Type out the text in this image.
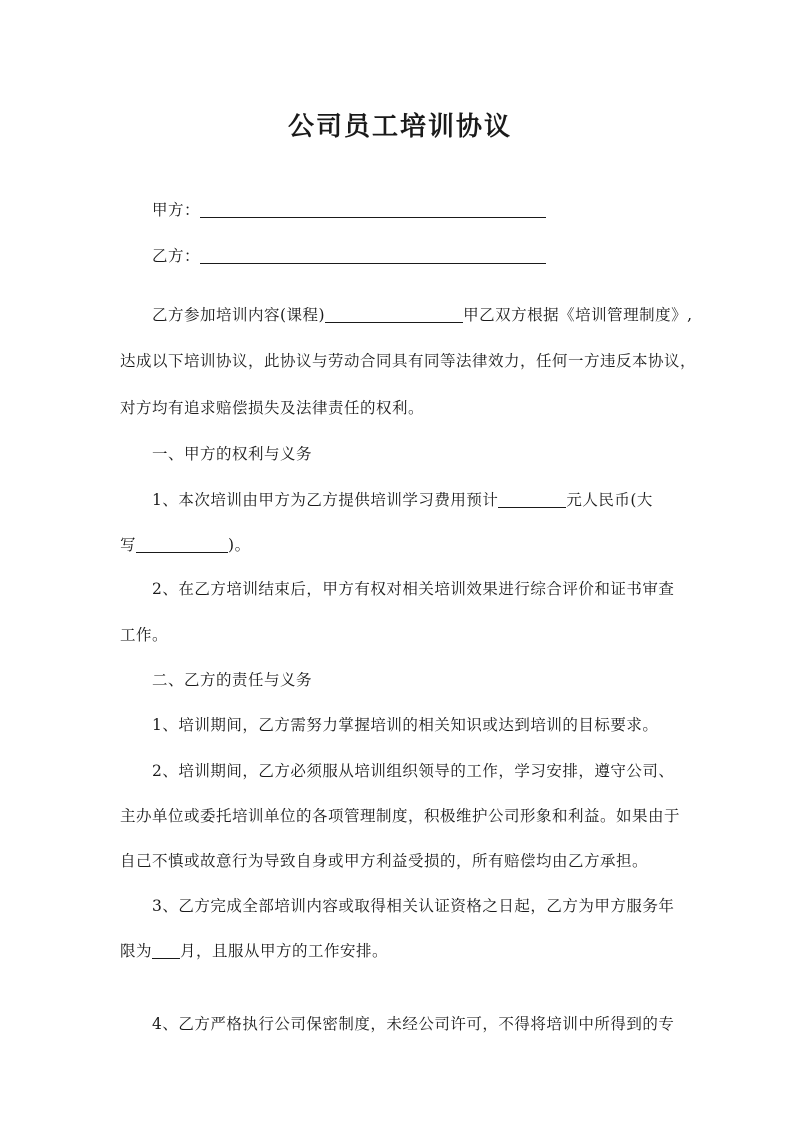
公司员工培训协议
甲方：
乙方：
乙方参加培训内容(课程)	甲乙双方根据《培训管理制度》,
达成以下培训协议，此协议与劳动合同具有同等法律效力，任何一方违反本协议，
对方均有追求赔偿损失及法律责任的权利。
一、甲方的权利与义务
1、本次培训由甲方为乙方提供培训学习费用预计	元人民币(大
写	)。
2、在乙方培训结束后，甲方有权对相关培训效果进行综合评价和证书审查
工作。
二、乙方的责任与义务
1、培训期间，乙方需努力掌握培训的相关知识或达到培训的目标要求。
2、培训期间，乙方必须服从培训组织领导的工作，学习安排，遵守公司、
主办单位或委托培训单位的各项管理制度，积极维护公司形象和利益。如果由于
自己不慎或故意行为导致自身或甲方利益受损的，所有赔偿均由乙方承担。
3、乙方完成全部培训内容或取得相关认证资格之日起，乙方为甲方服务年
限为 月，且服从甲方的工作安排。
4、乙方严格执行公司保密制度，未经公司许可，不得将培训中所得到的专
